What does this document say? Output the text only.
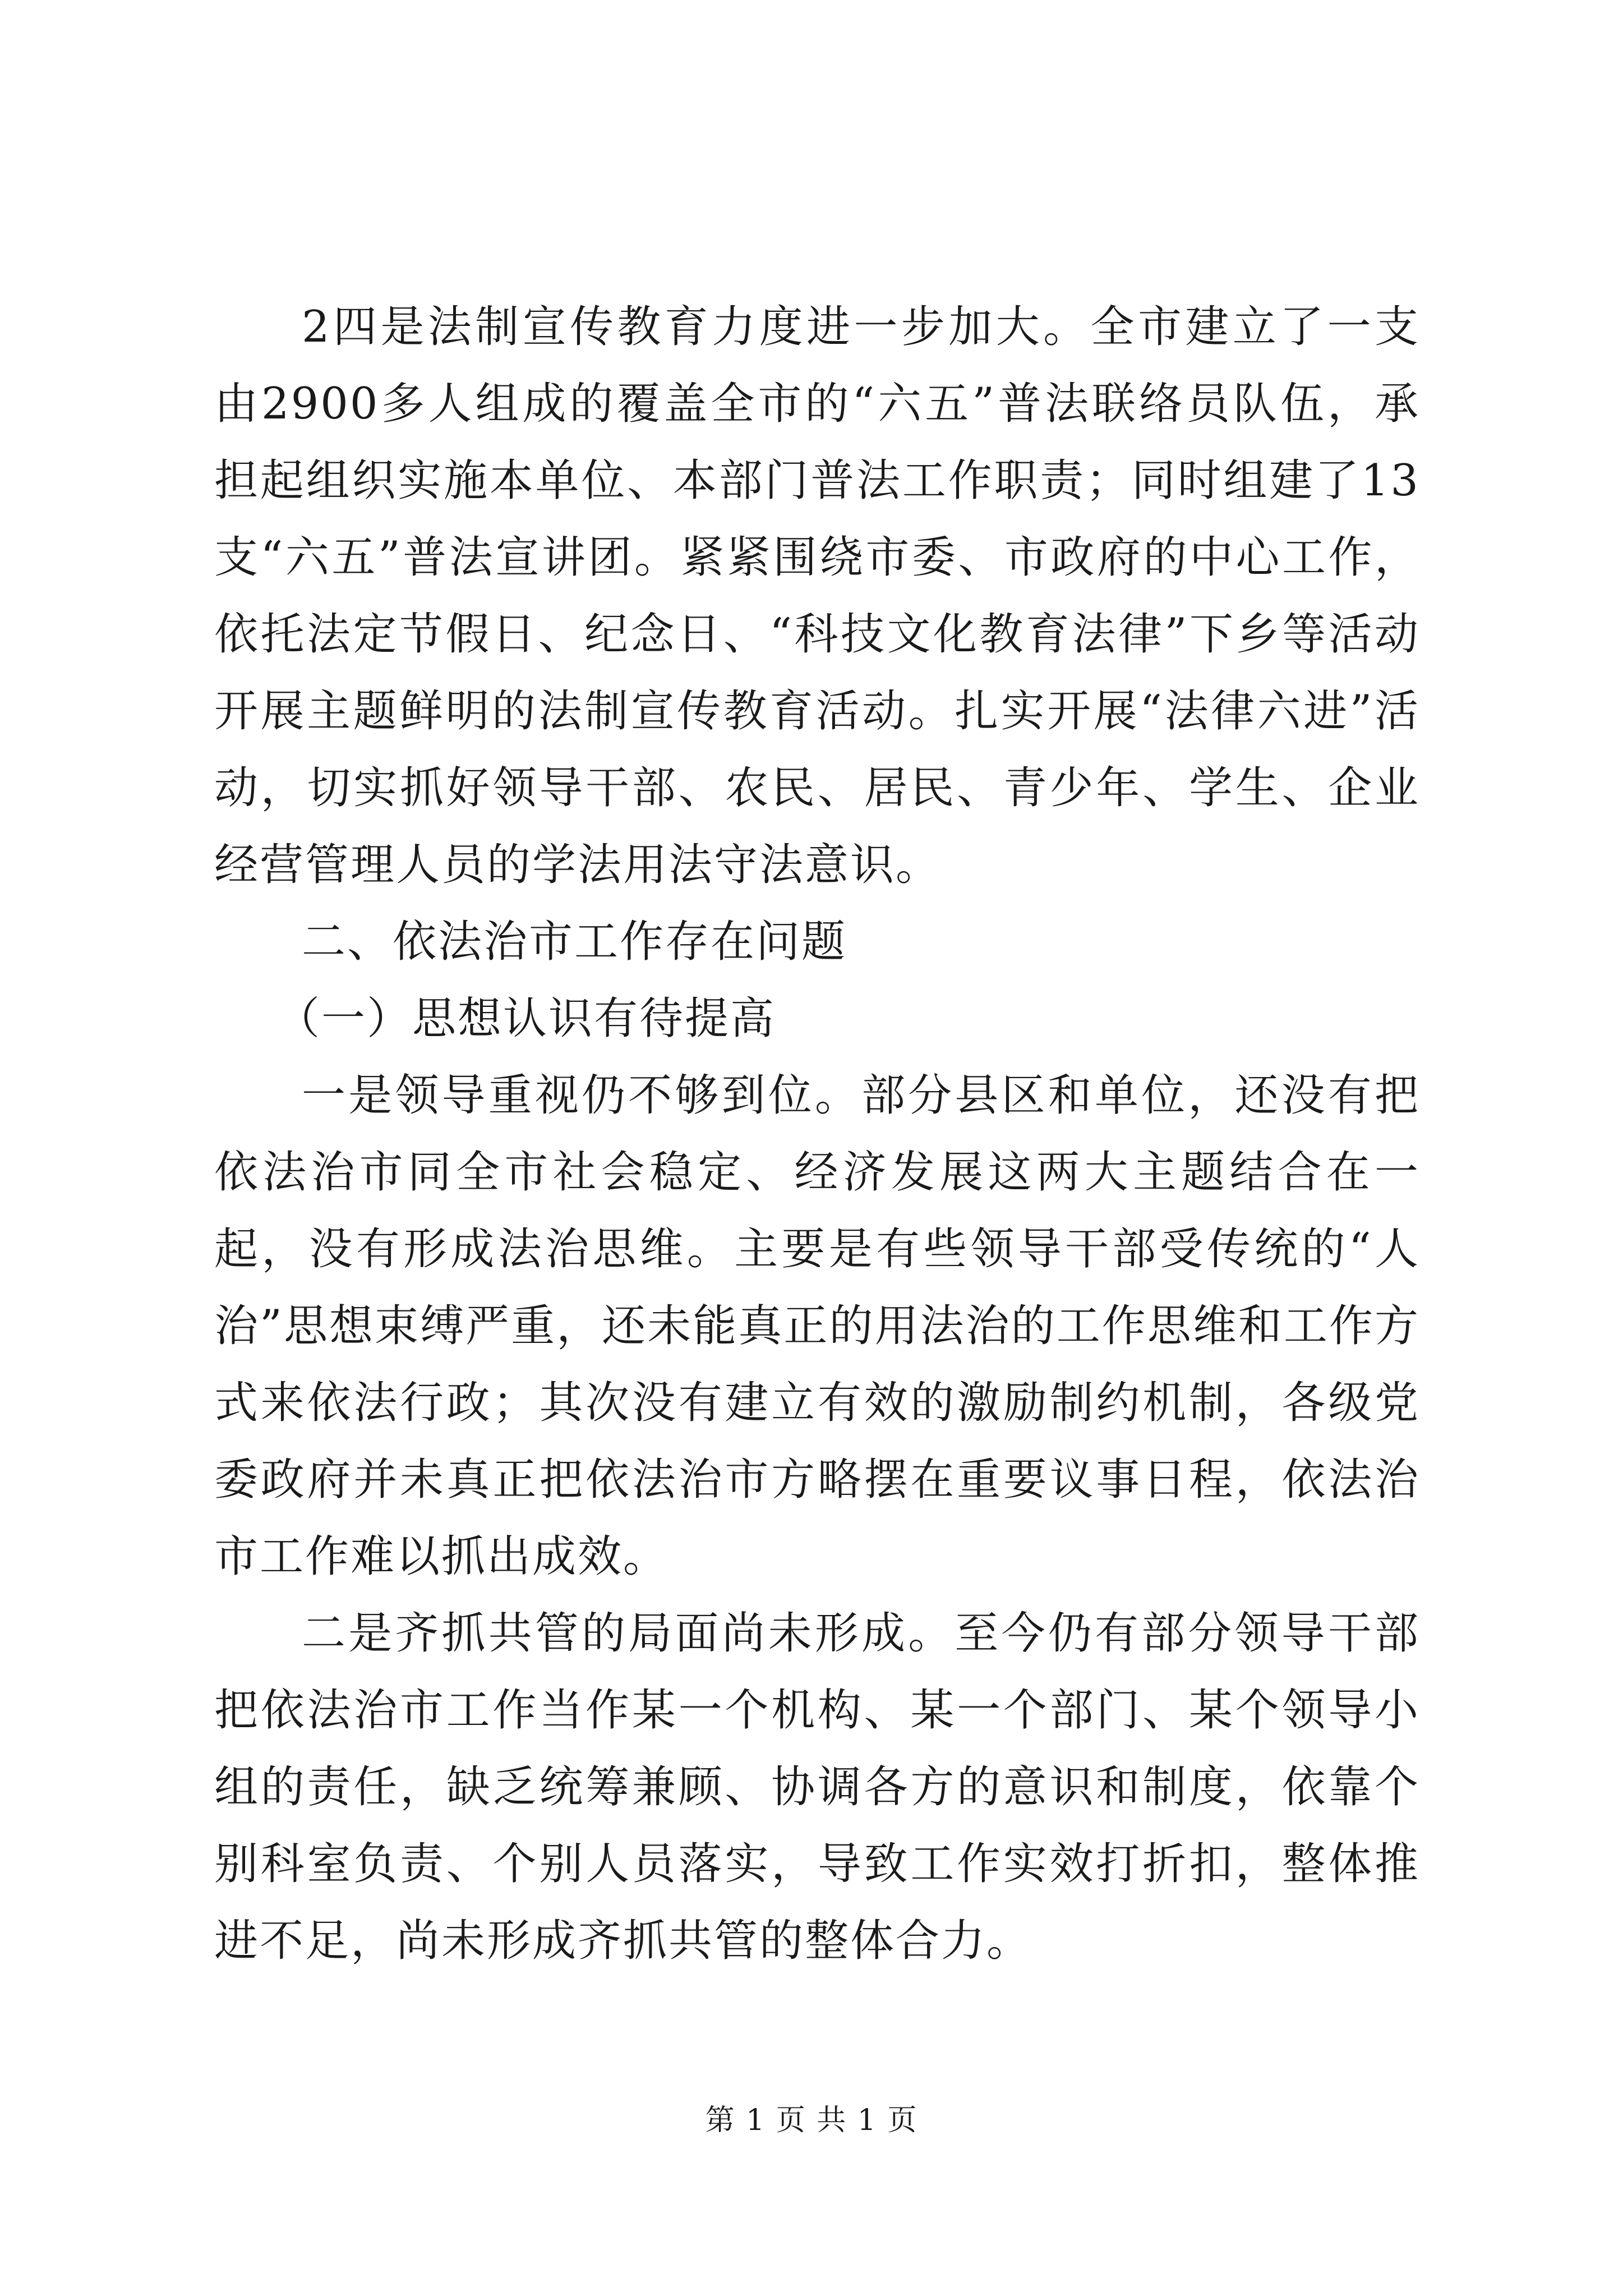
2四是法制宣传教育力度进一步加大。全市建立了一支由2900多人组成的覆盖全市的“六五”普法联络员队伍，承担起组织实施本单位、本部门普法工作职责；同时组建了13支“六五”普法宣讲团。紧紧围绕市委、市政府的中心工作，依托法定节假日、纪念日、“科技文化教育法律”下乡等活动开展主题鲜明的法制宣传教育活动。扎实开展“法律六进”活动，切实抓好领导干部、农民、居民、青少年、学生、企业经营管理人员的学法用法守法意识。

二、依法治市工作存在问题

（一）思想认识有待提高

一是领导重视仍不够到位。部分县区和单位，还没有把依法治市同全市社会稳定、经济发展这两大主题结合在一起，没有形成法治思维。主要是有些领导干部受传统的“人治”思想束缚严重，还未能真正的用法治的工作思维和工作方式来依法行政；其次没有建立有效的激励制约机制，各级党委政府并未真正把依法治市方略摆在重要议事日程，依法治市工作难以抓出成效。

二是齐抓共管的局面尚未形成。至今仍有部分领导干部把依法治市工作当作某一个机构、某一个部门、某个领导小组的责任，缺乏统筹兼顾、协调各方的意识和制度，依靠个别科室负责、个别人员落实，导致工作实效打折扣，整体推进不足，尚未形成齐抓共管的整体合力。

第 1 页 共 1 页
